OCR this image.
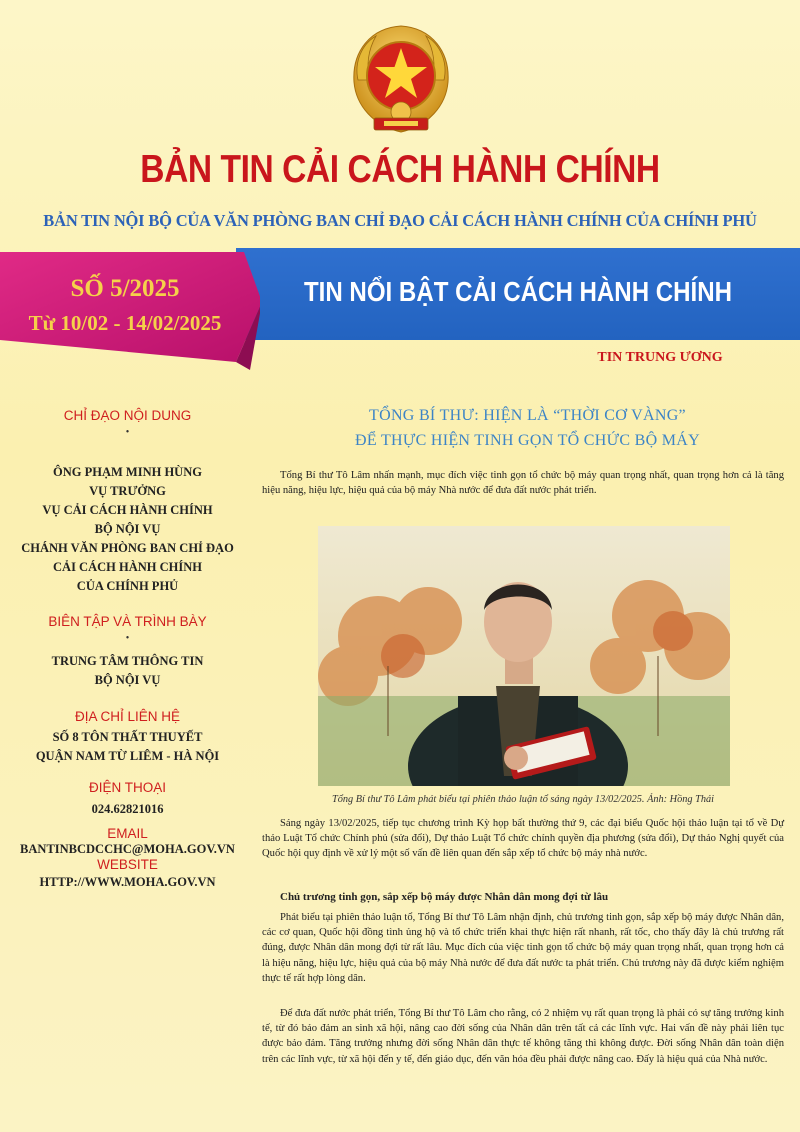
BẢN TIN CẢI CÁCH HÀNH CHÍNH
BẢN TIN NỘI BỘ CỦA VĂN PHÒNG BAN CHỈ ĐẠO CẢI CÁCH HÀNH CHÍNH CỦA CHÍNH PHỦ
TIN NỔI BẬT CẢI CÁCH HÀNH CHÍNH
SỐ 5/2025
Từ 10/02 - 14/02/2025
CHỈ ĐẠO NỘI DUNG
•
ÔNG PHẠM MINH HÙNG
VỤ TRƯỞNG
VỤ CẢI CÁCH HÀNH CHÍNH
BỘ NỘI VỤ
CHÁNH VĂN PHÒNG BAN CHỈ ĐẠO
CẢI CÁCH HÀNH CHÍNH
CỦA CHÍNH PHỦ
BIÊN TẬP VÀ TRÌNH BÀY
•
TRUNG TÂM THÔNG TIN
BỘ NỘI VỤ
ĐỊA CHỈ LIÊN HỆ
SỐ 8 TÔN THẤT THUYẾT
QUẬN NAM TỪ LIÊM - HÀ NỘI
ĐIỆN THOẠI
024.62821016
EMAIL
BANTINBCDCCHC@MOHA.GOV.VN
WEBSITE
HTTP://WWW.MOHA.GOV.VN
TIN TRUNG ƯƠNG
TỔNG BÍ THƯ: HIỆN LÀ “THỜI CƠ VÀNG”
ĐỂ THỰC HIỆN TINH GỌN TỔ CHỨC BỘ MÁY
Tổng Bí thư Tô Lâm nhấn mạnh, mục đích việc tinh gọn tổ chức bộ máy quan trọng nhất, quan trọng hơn cả là tăng hiệu năng, hiệu lực, hiệu quả của bộ máy Nhà nước để đưa đất nước phát triển.
Tổng Bí thư Tô Lâm phát biểu tại phiên thảo luận tổ sáng ngày 13/02/2025. Ảnh: Hồng Thái
Sáng ngày 13/02/2025, tiếp tục chương trình Kỳ họp bất thường thứ 9, các đại biểu Quốc hội thảo luận tại tổ về Dự thảo Luật Tổ chức Chính phủ (sửa đổi), Dự thảo Luật Tổ chức chính quyền địa phương (sửa đổi), Dự thảo Nghị quyết của Quốc hội quy định về xử lý một số vấn đề liên quan đến sắp xếp tổ chức bộ máy nhà nước.
Chủ trương tinh gọn, sắp xếp bộ máy được Nhân dân mong đợi từ lâu
Phát biểu tại phiên thảo luận tổ, Tổng Bí thư Tô Lâm nhận định, chủ trương tinh gọn, sắp xếp bộ máy được Nhân dân, các cơ quan, Quốc hội đồng tình ủng hộ và tổ chức triển khai thực hiện rất nhanh, rất tốc, cho thấy đây là chủ trương rất đúng, được Nhân dân mong đợi từ rất lâu. Mục đích của việc tinh gọn tổ chức bộ máy quan trọng nhất, quan trọng hơn cả là hiệu năng, hiệu lực, hiệu quả của bộ máy Nhà nước để đưa đất nước ta phát triển. Chủ trương này đã được kiểm nghiệm thực tế rất hợp lòng dân.
Để đưa đất nước phát triển, Tổng Bí thư Tô Lâm cho rằng, có 2 nhiệm vụ rất quan trọng là phải có sự tăng trưởng kinh tế, từ đó bảo đảm an sinh xã hội, nâng cao đời sống của Nhân dân trên tất cả các lĩnh vực. Hai vấn đề này phải liên tục được bảo đảm. Tăng trưởng nhưng đời sống Nhân dân thực tế không tăng thì không được. Đời sống Nhân dân toàn diện trên các lĩnh vực, từ xã hội đến y tế, đến giáo dục, đến văn hóa đều phải được nâng cao. Đấy là hiệu quả của Nhà nước.
